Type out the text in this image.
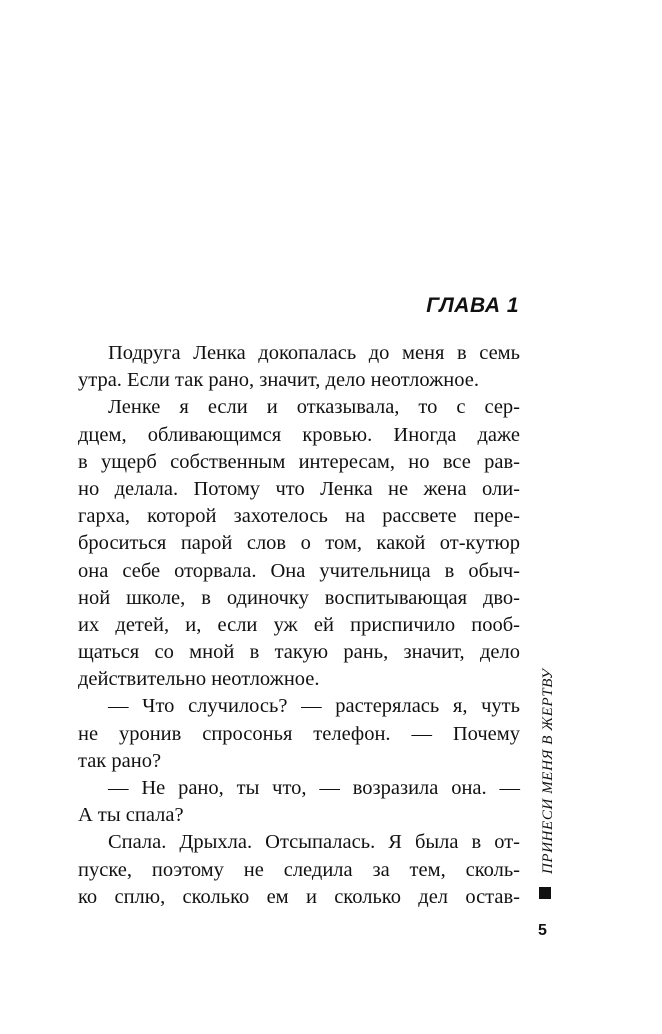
ГЛАВА 1
Подруга Ленка докопалась до меня в семь
утра. Если так рано, значит, дело неотложное.
Ленке я если и отказывала, то с сер-
дцем, обливающимся кровью. Иногда даже
в ущерб собственным интересам, но все рав-
но делала. Потому что Ленка не жена оли-
гарха, которой захотелось на рассвете пере-
броситься парой слов о том, какой от-кутюр
она себе оторвала. Она учительница в обыч-
ной школе, в одиночку воспитывающая дво-
их детей, и, если уж ей приспичило пооб-
щаться со мной в такую рань, значит, дело
действительно неотложное.
— Что случилось? — растерялась я, чуть
не уронив спросонья телефон. — Почему
так рано?
— Не рано, ты что, — возразила она. —
А ты спала?
Спала. Дрыхла. Отсыпалась. Я была в от-
пуске, поэтому не следила за тем, сколь-
ко сплю, сколько ем и сколько дел остав-
ПРИНЕСИ МЕНЯ В ЖЕРТВУ
5
